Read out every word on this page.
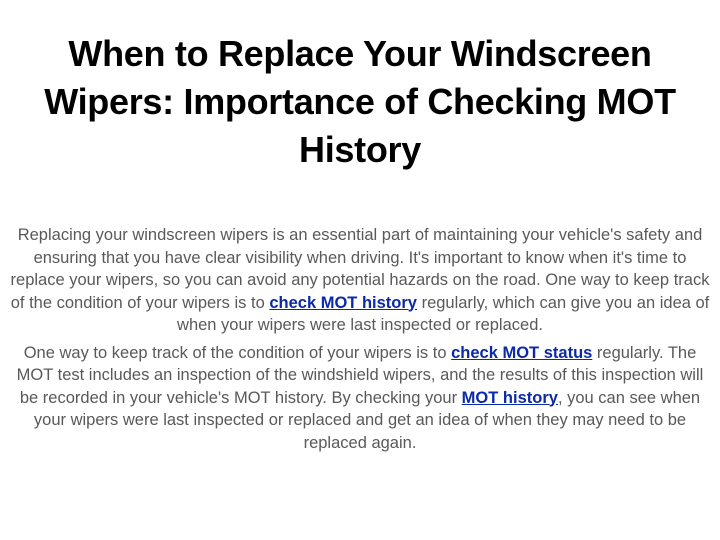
When to Replace Your Windscreen Wipers: Importance of Checking MOT History

Replacing your windscreen wipers is an essential part of maintaining your vehicle's safety and ensuring that you have clear visibility when driving. It's important to know when it's time to replace your wipers, so you can avoid any potential hazards on the road. One way to keep track of the condition of your wipers is to check MOT history regularly, which can give you an idea of when your wipers were last inspected or replaced.

One way to keep track of the condition of your wipers is to check MOT status regularly. The MOT test includes an inspection of the windshield wipers, and the results of this inspection will be recorded in your vehicle's MOT history. By checking your MOT history, you can see when your wipers were last inspected or replaced and get an idea of when they may need to be replaced again.
